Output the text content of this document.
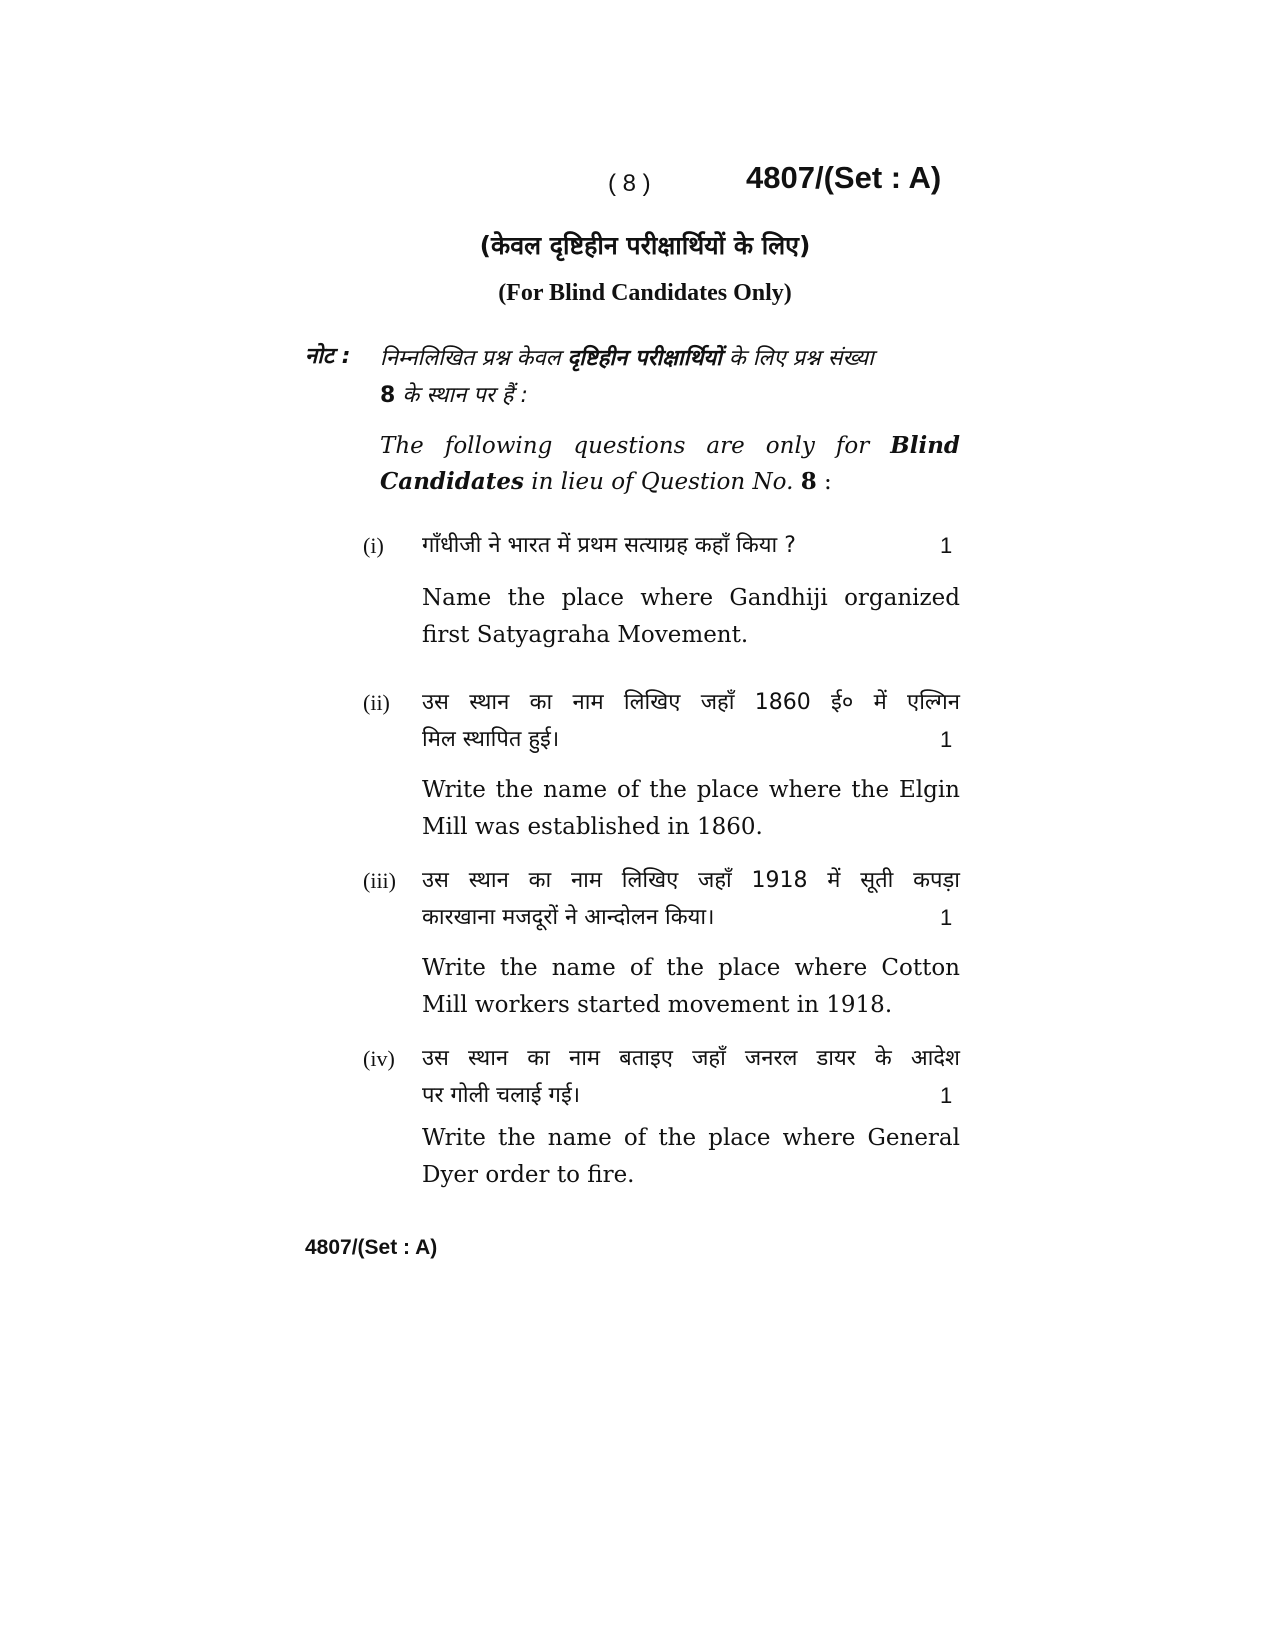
( 8 )	4807/(Set : A)
(केवल दृष्टिहीन परीक्षार्थियों के लिए)
(For Blind Candidates Only)
नोट : निम्नलिखित प्रश्न केवल दृष्टिहीन परीक्षार्थियों के लिए प्रश्न संख्या
8 के स्थान पर हैं :
The following questions are only for Blind Candidates in lieu of Question No. 8 :
(i) गाँधीजी ने भारत में प्रथम सत्याग्रह कहाँ किया ?	1
Name the place where Gandhiji organized first Satyagraha Movement.
(ii) उस स्थान का नाम लिखिए जहाँ 1860 ई० में एल्गिन
मिल स्थापित हुई।	1
Write the name of the place where the Elgin Mill was established in 1860.
(iii) उस स्थान का नाम लिखिए जहाँ 1918 में सूती कपड़ा
कारखाना मजदूरों ने आन्दोलन किया।	1
Write the name of the place where Cotton Mill workers started movement in 1918.
(iv) उस स्थान का नाम बताइए जहाँ जनरल डायर के आदेश
पर गोली चलाई गई।	1
Write the name of the place where General Dyer order to fire.
4807/(Set : A)
